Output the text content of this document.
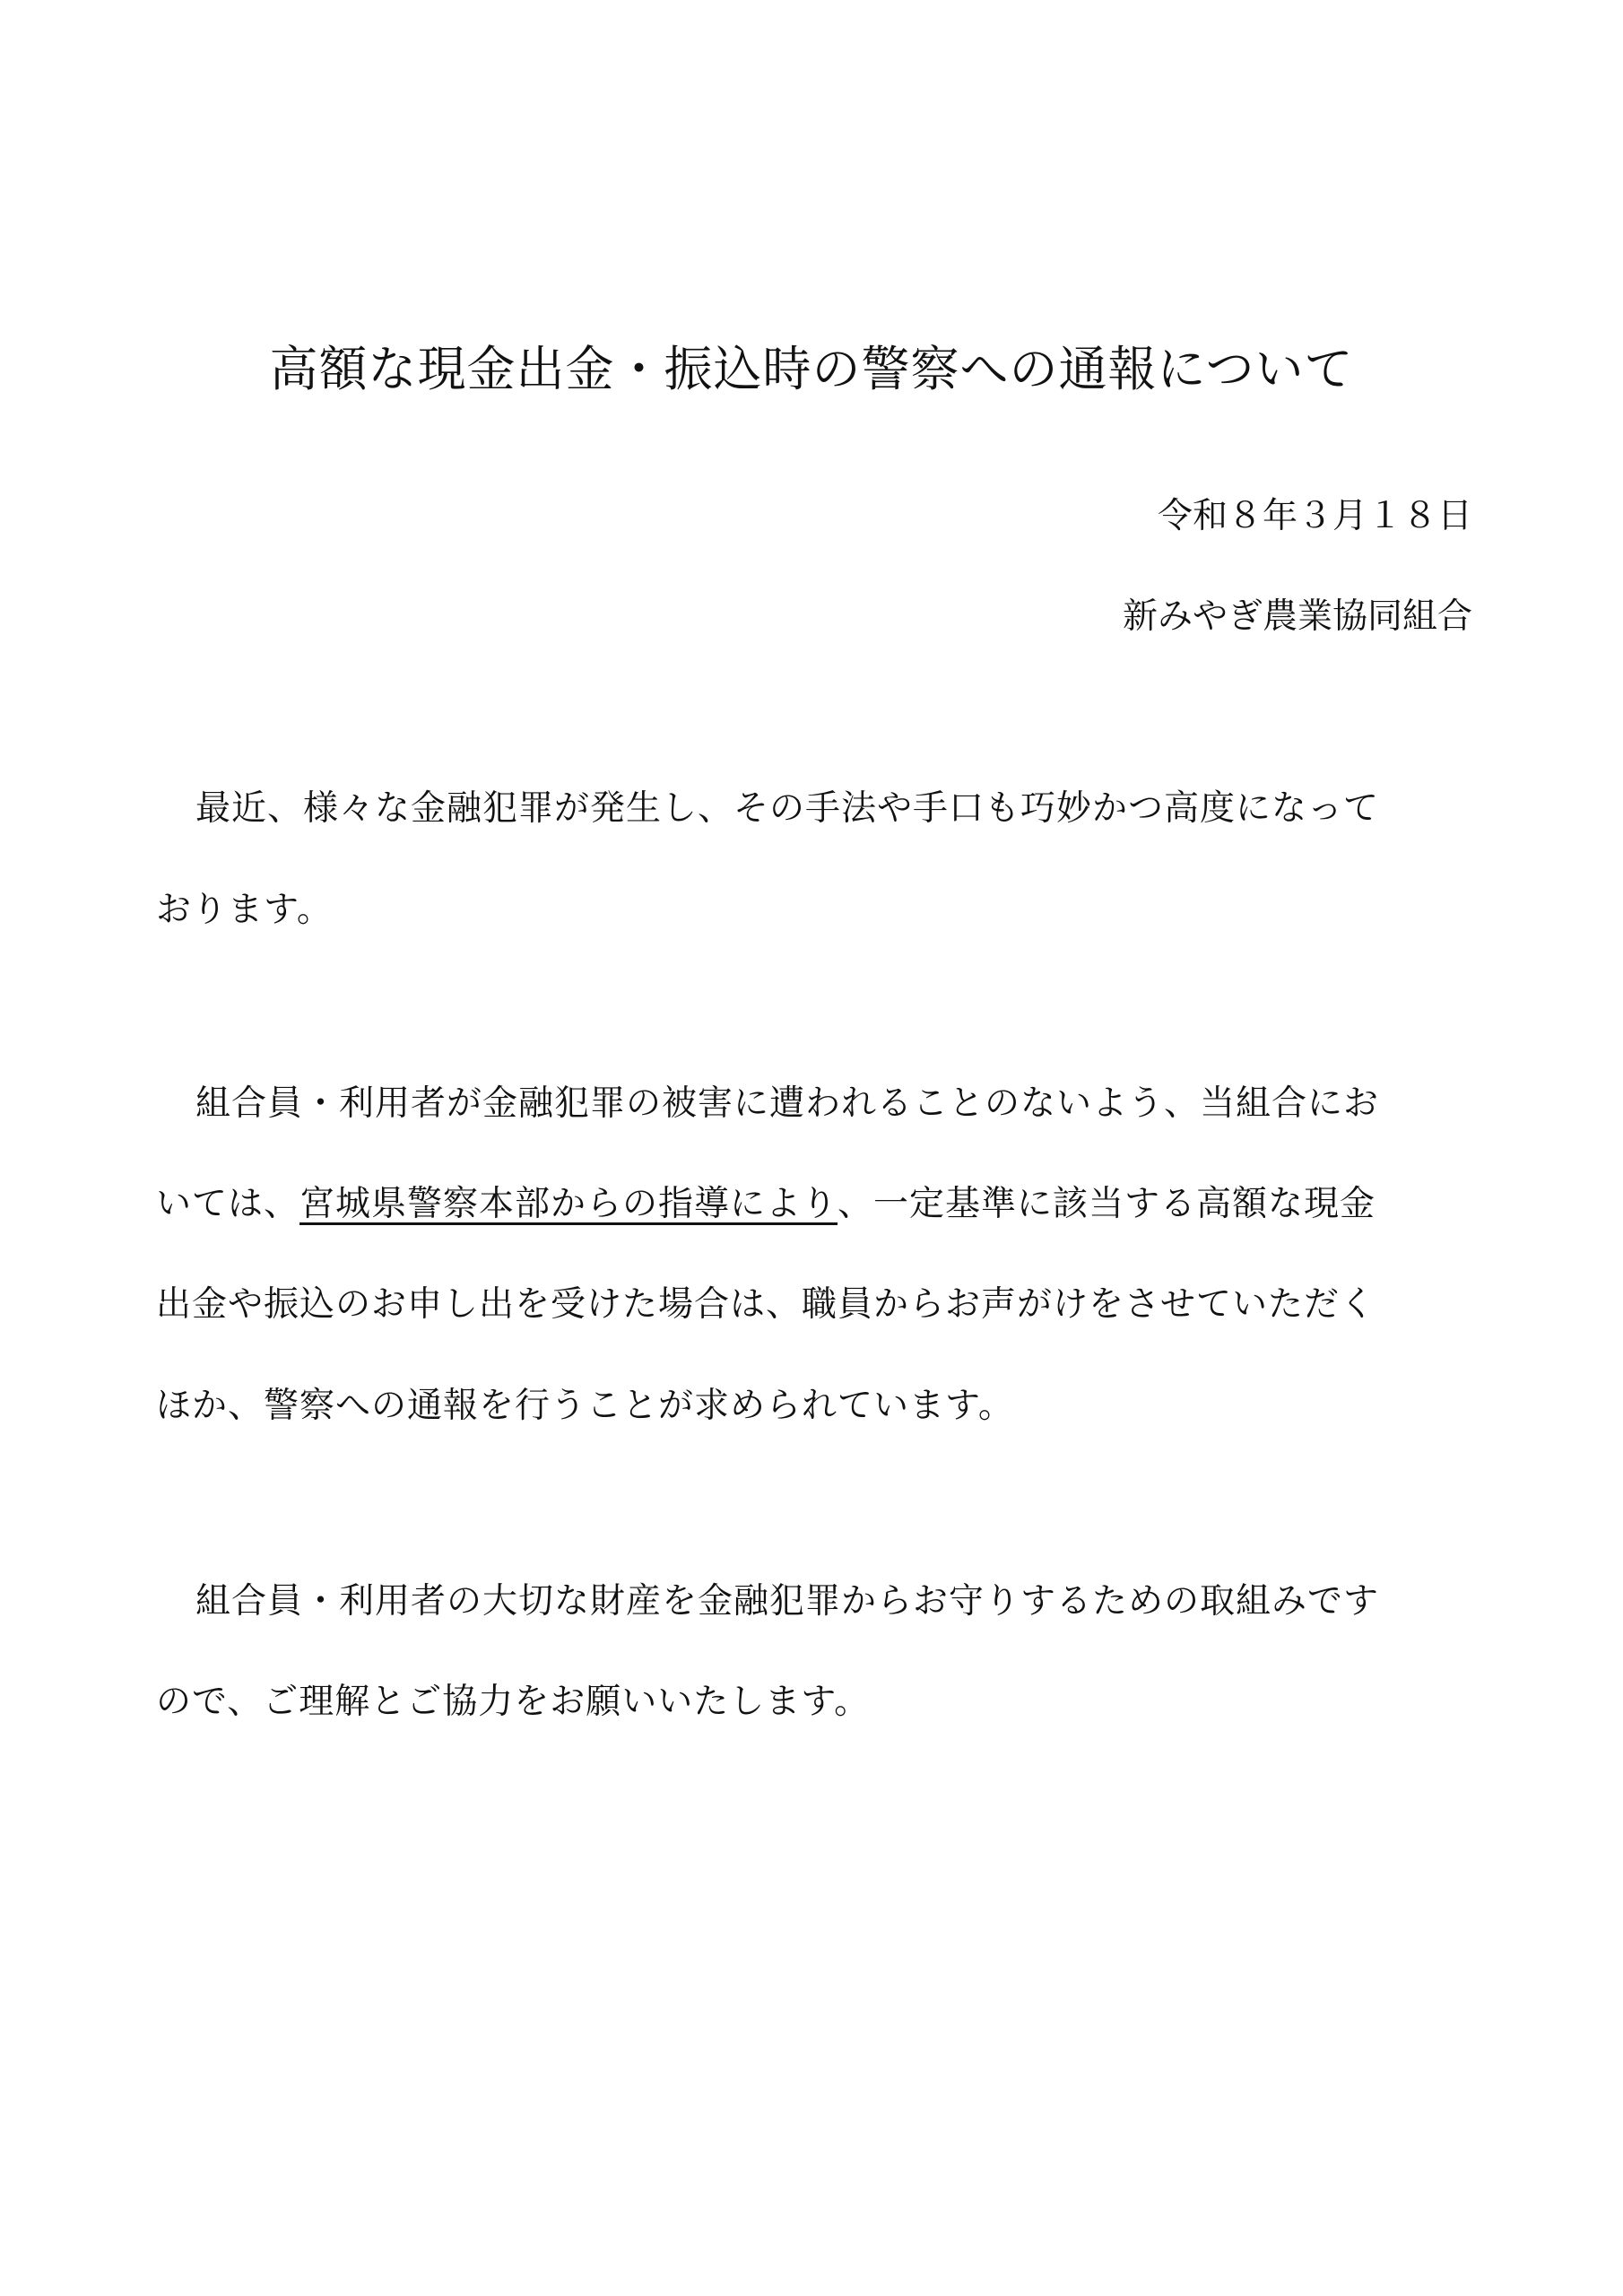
高額な現金出金・振込時の警察への通報について
令和８年３月１８日
新みやぎ農業協同組合
最近、様々な金融犯罪が発生し、その手法や手口も巧妙かつ高度になって
おります。
組合員・利用者が金融犯罪の被害に遭われることのないよう、当組合にお
いては、宮城県警察本部からの指導により、一定基準に該当する高額な現金
出金や振込のお申し出を受けた場合は、職員からお声がけをさせていただく
ほか、警察への通報を行うことが求められています。
組合員・利用者の大切な財産を金融犯罪からお守りするための取組みです
ので、ご理解とご協力をお願いいたします。
